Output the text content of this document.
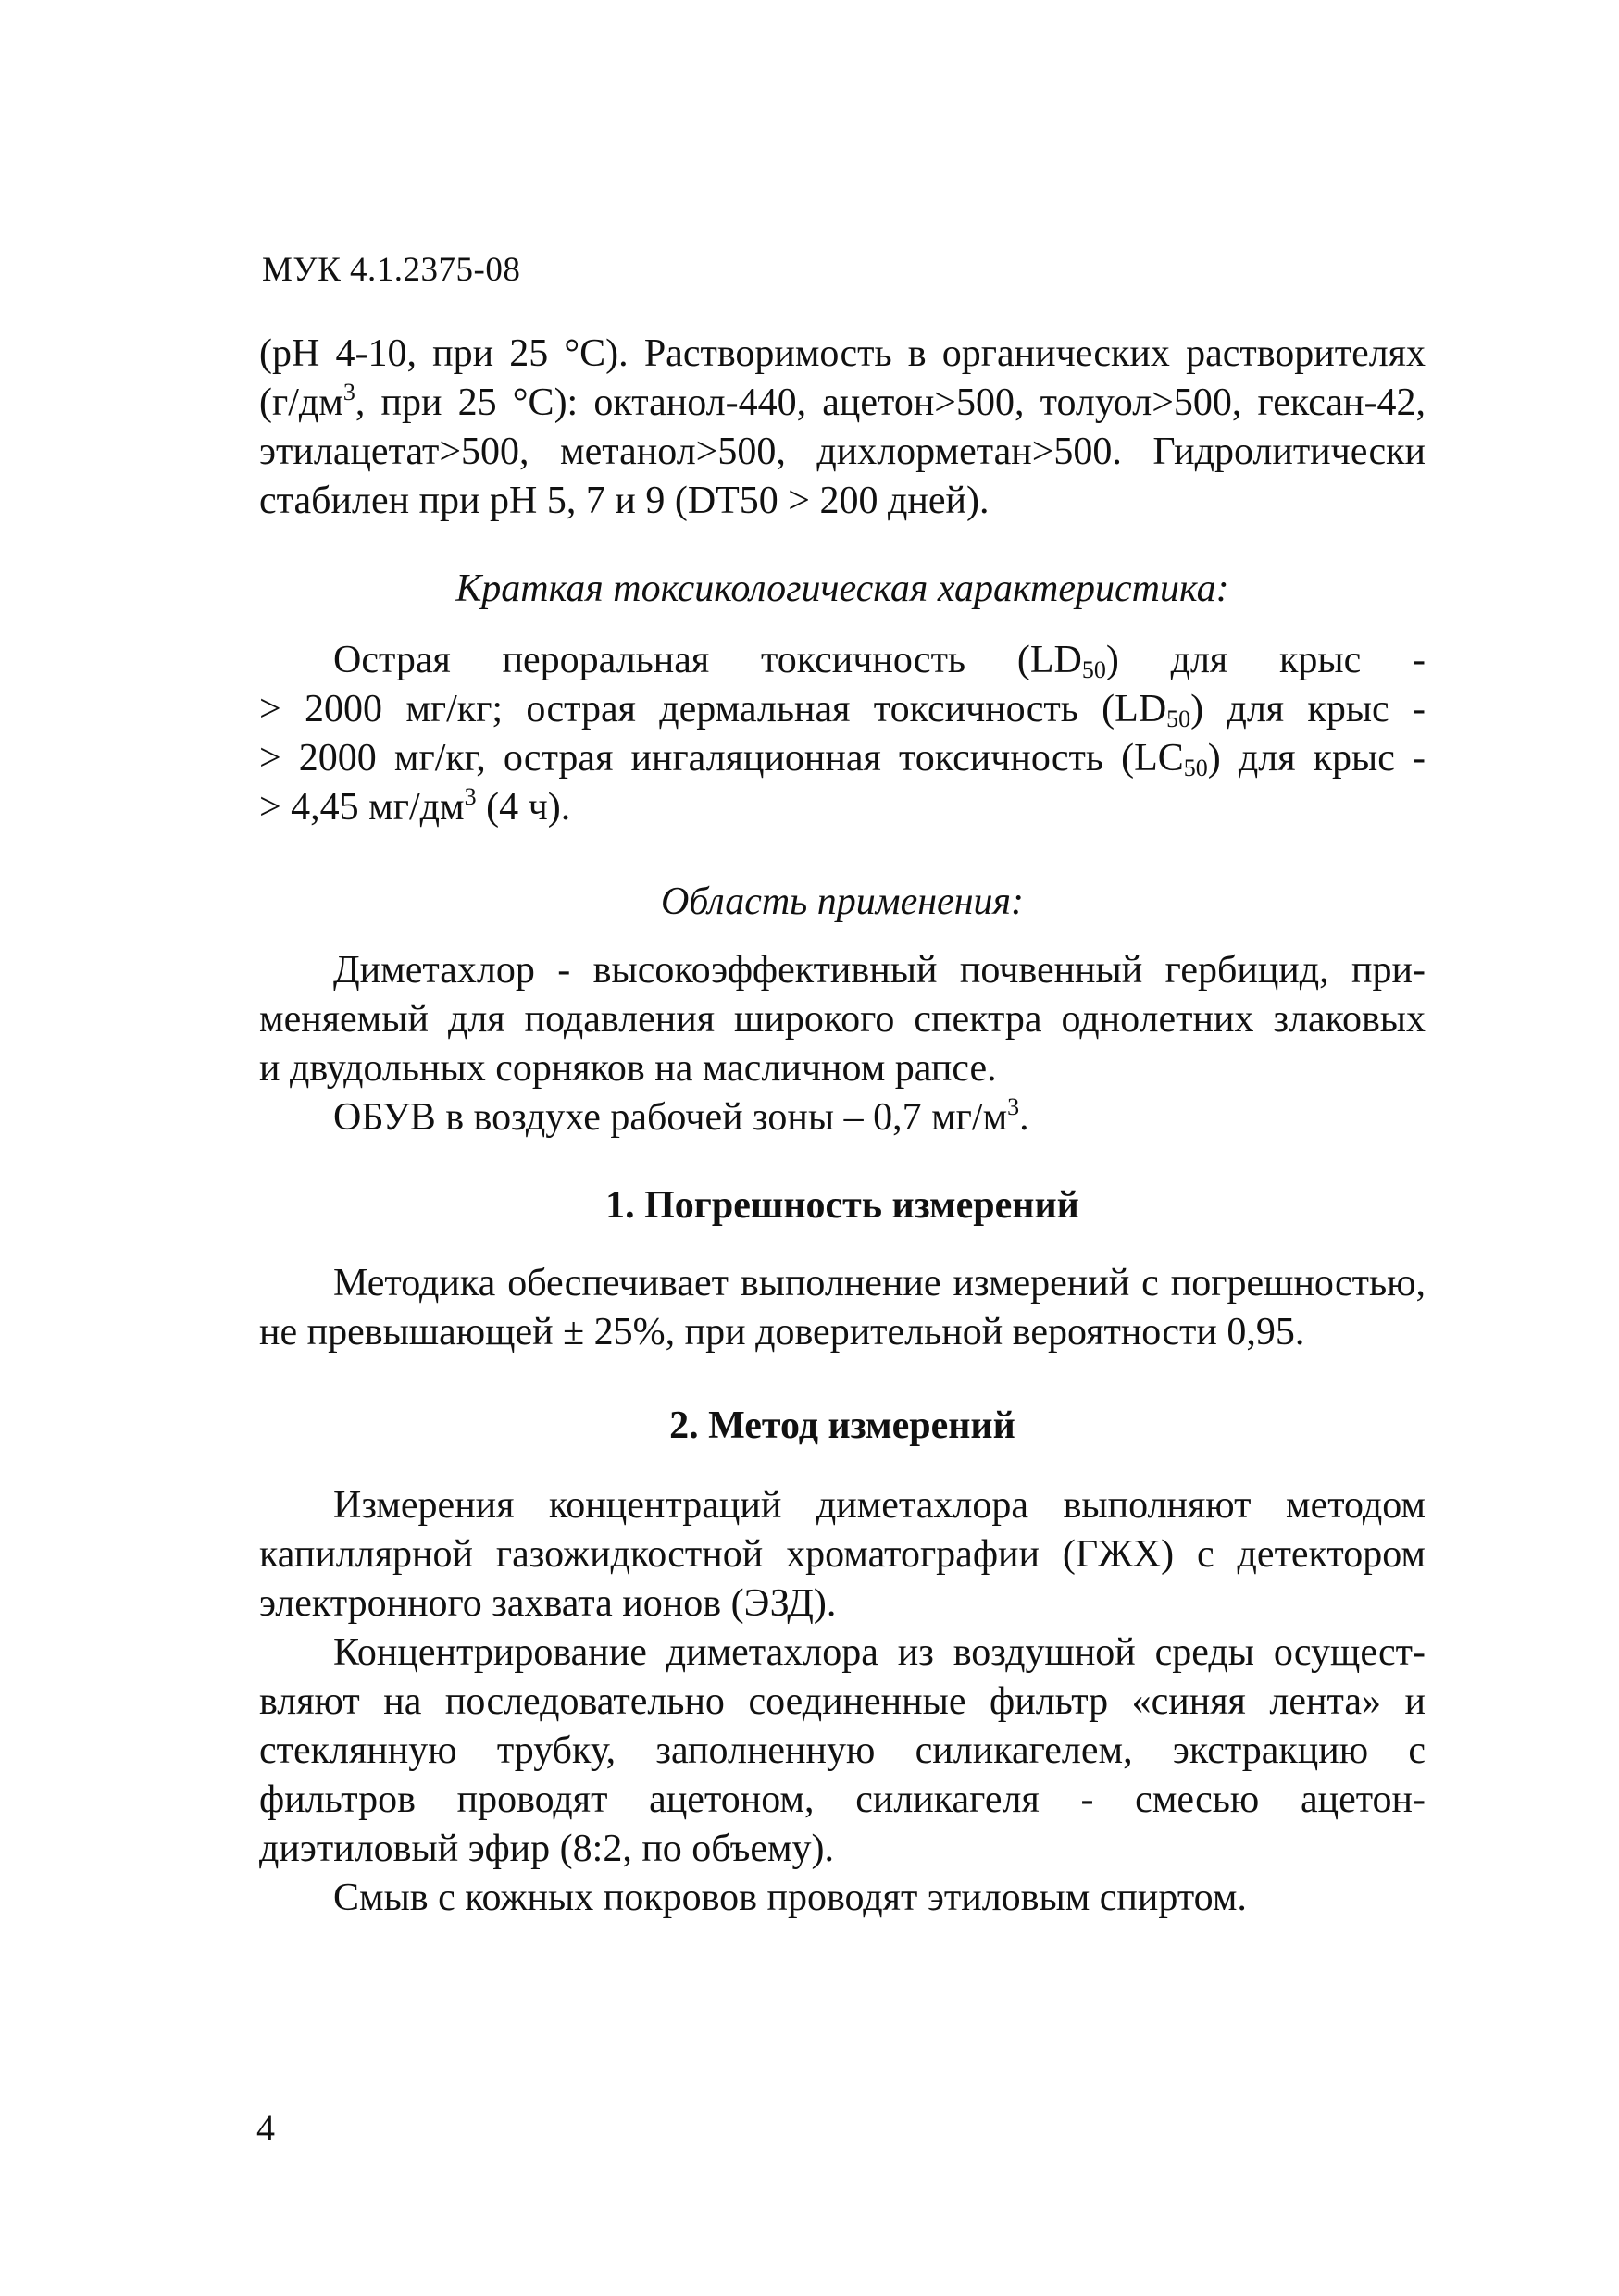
МУК 4.1.2375-08
(pH 4-10, при 25 °C). Растворимость в органических растворителях
($г/дм^3$, при 25 °C): октанол-440, ацетон>500, толуол>500, гексан-42,
этилацетат>500, метанол>500, дихлорметан>500. Гидролитически
стабилен при pH 5, 7 и 9 (DT50 > 200 дней).
Краткая токсикологическая характеристика:
Острая пероральная токсичность $(LD_{50})$ для крыс -
> 2000 мг/кг; острая дермальная токсичность $(LD_{50})$ для крыс -
> 2000 мг/кг, острая ингаляционная токсичность $(LC_{50})$ для крыс -
> 4,45 $мг/дм^3$ (4 ч).
Область применения:
Диметахлор - высокоэффективный почвенный гербицид, при-
меняемый для подавления широкого спектра однолетних злаковых
и двудольных сорняков на масличном рапсе.
ОБУВ в воздухе рабочей зоны – 0,7 $мг/м^3$.
1. Погрешность измерений
Методика обеспечивает выполнение измерений с погрешностью,
не превышающей ± 25%, при доверительной вероятности 0,95.
2. Метод измерений
Измерения концентраций диметахлора выполняют методом
капиллярной газожидкостной хроматографии (ГЖХ) с детектором
электронного захвата ионов (ЭЗД).
Концентрирование диметахлора из воздушной среды осущест-
вляют на последовательно соединенные фильтр «синяя лента» и
стеклянную трубку, заполненную силикагелем, экстракцию с
фильтров проводят ацетоном, силикагеля - смесью ацетон-
диэтиловый эфир (8:2, по объему).
Смыв с кожных покровов проводят этиловым спиртом.
4
